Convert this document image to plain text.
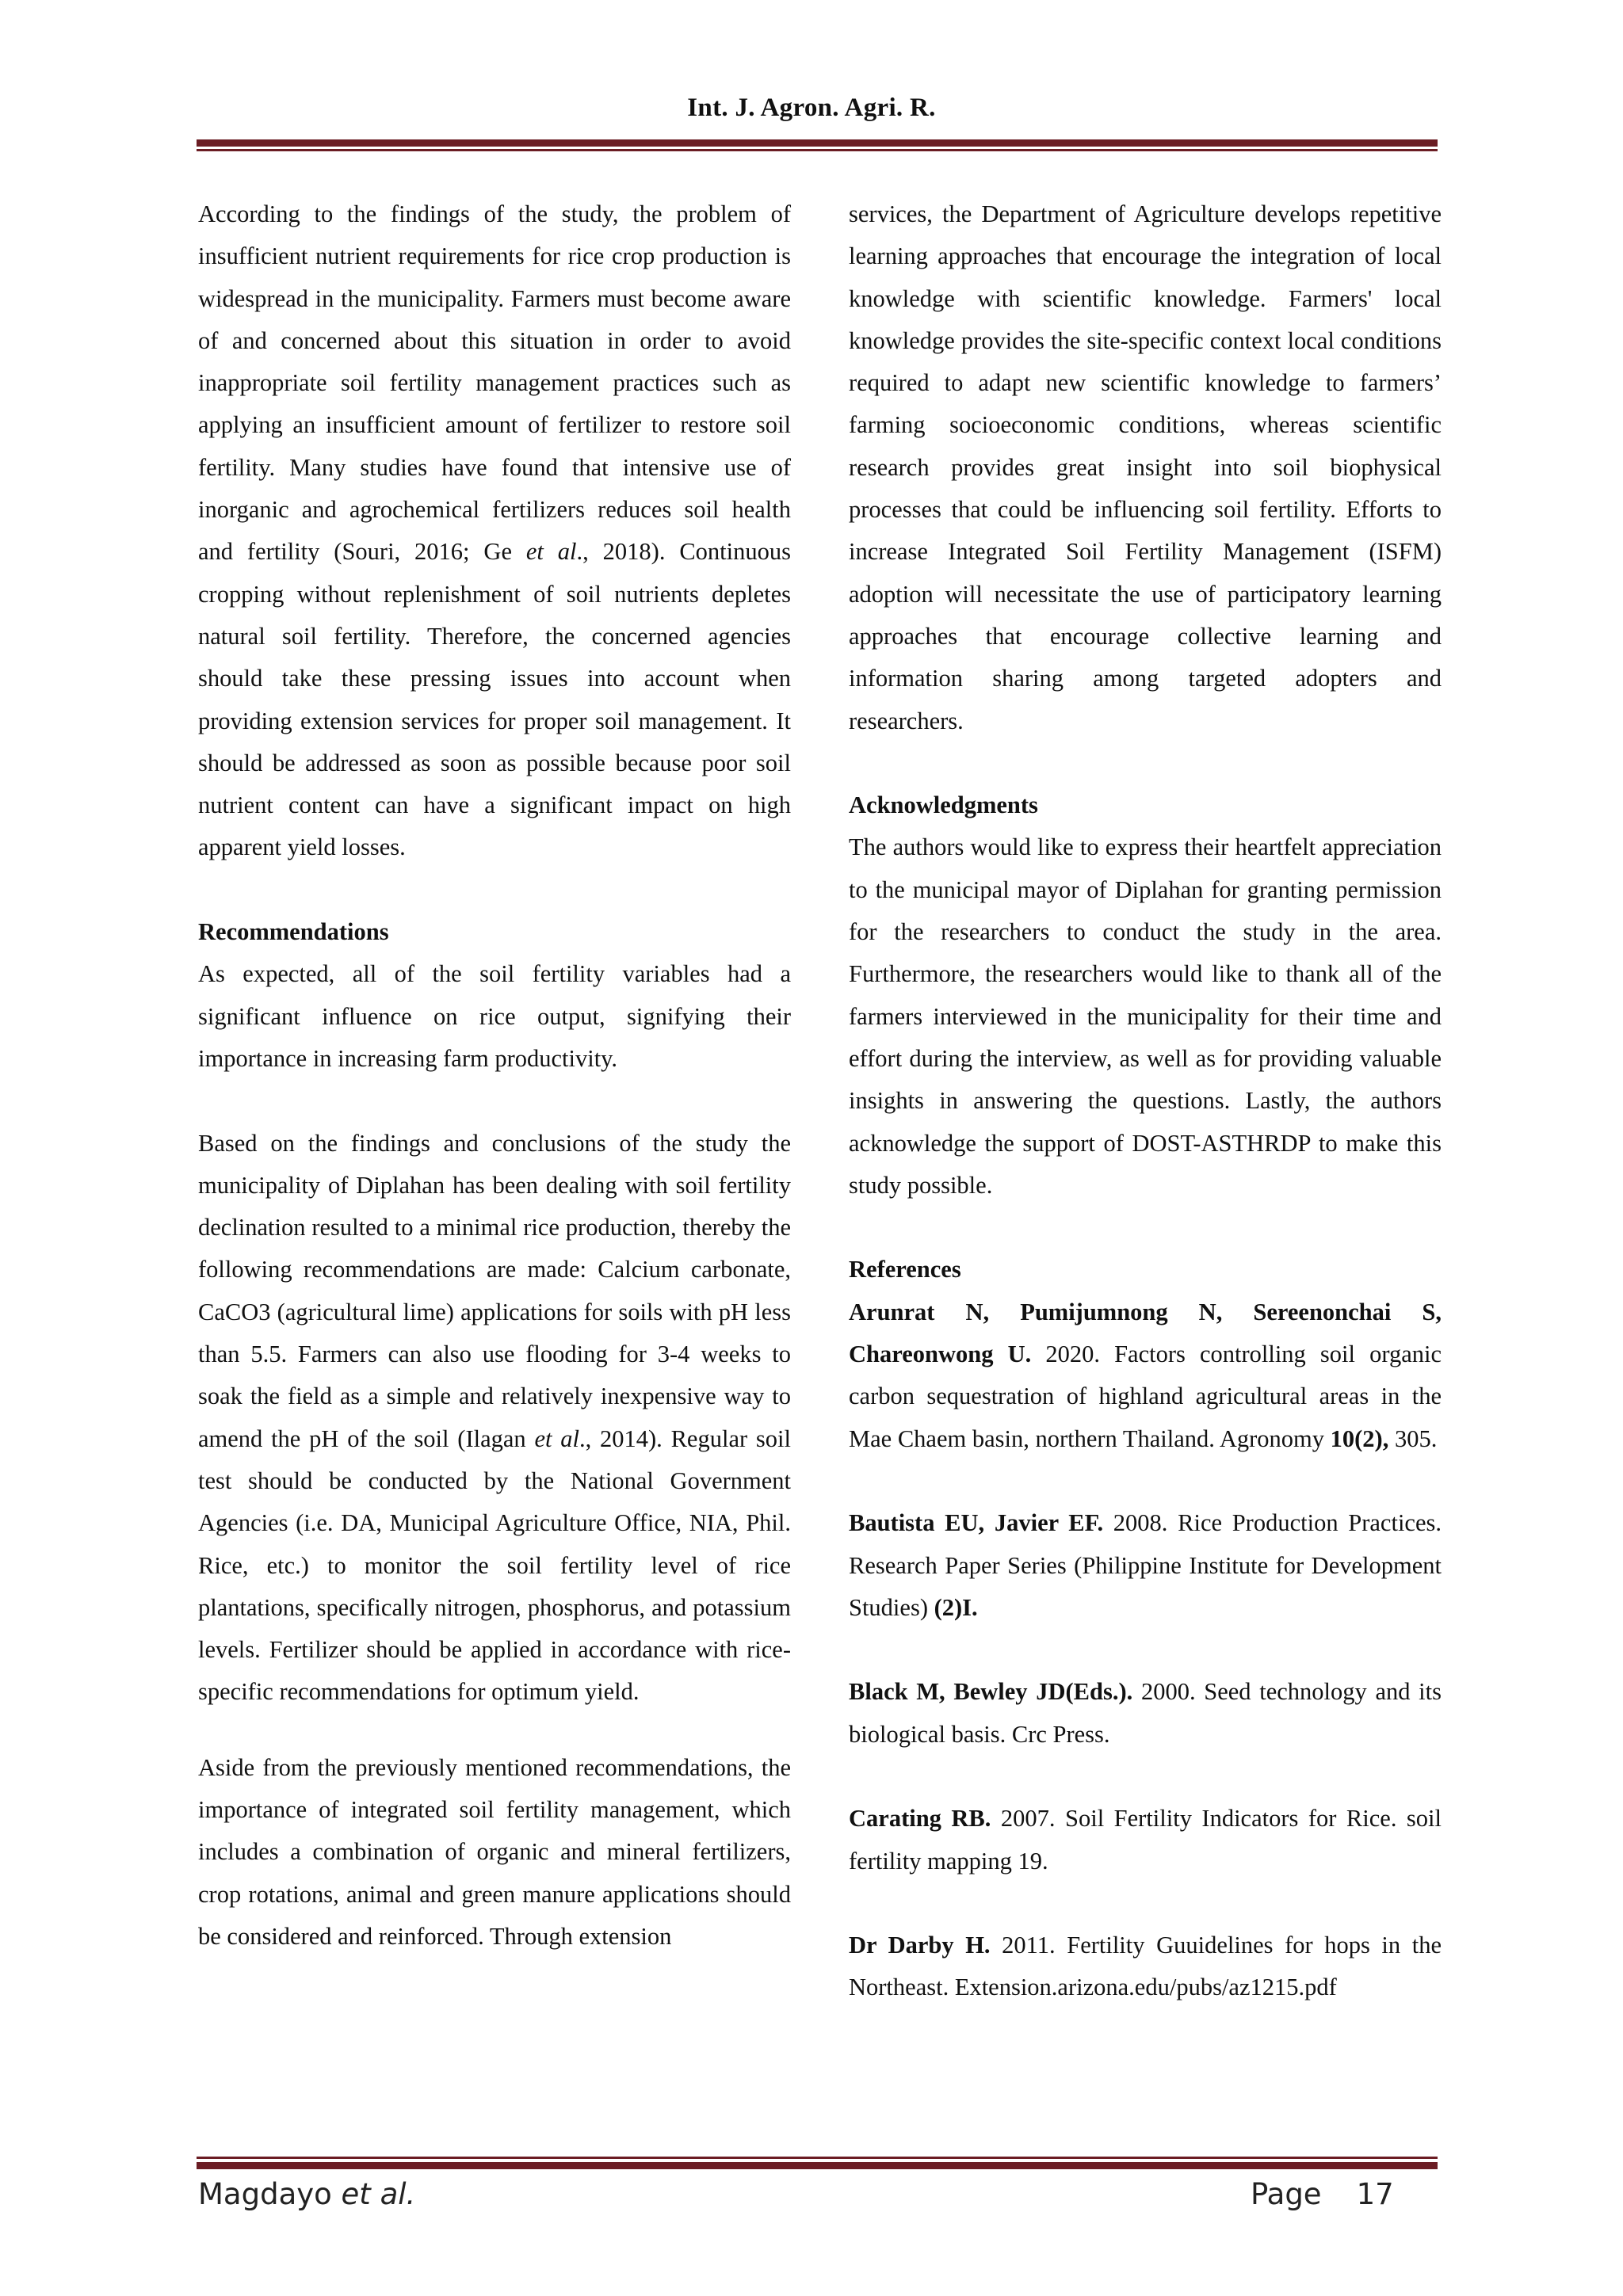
Int. J. Agron. Agri. R.

According to the findings of the study, the problem of insufficient nutrient requirements for rice crop production is widespread in the municipality. Farmers must become aware of and concerned about this situation in order to avoid inappropriate soil fertility management practices such as applying an insufficient amount of fertilizer to restore soil fertility. Many studies have found that intensive use of inorganic and agrochemical fertilizers reduces soil health and fertility (Souri, 2016; Ge et al., 2018). Continuous cropping without replenishment of soil nutrients depletes natural soil fertility. Therefore, the concerned agencies should take these pressing issues into account when providing extension services for proper soil management. It should be addressed as soon as possible because poor soil nutrient content can have a significant impact on high apparent yield losses.

Recommendations

As expected, all of the soil fertility variables had a significant influence on rice output, signifying their importance in increasing farm productivity.

Based on the findings and conclusions of the study the municipality of Diplahan has been dealing with soil fertility declination resulted to a minimal rice production, thereby the following recommendations are made: Calcium carbonate, CaCO3 (agricultural lime) applications for soils with pH less than 5.5. Farmers can also use flooding for 3-4 weeks to soak the field as a simple and relatively inexpensive way to amend the pH of the soil (Ilagan et al., 2014). Regular soil test should be conducted by the National Government Agencies (i.e. DA, Municipal Agriculture Office, NIA, Phil. Rice, etc.) to monitor the soil fertility level of rice plantations, specifically nitrogen, phosphorus, and potassium levels. Fertilizer should be applied in accordance with rice-specific recommendations for optimum yield.

Aside from the previously mentioned recommendations, the importance of integrated soil fertility management, which includes a combination of organic and mineral fertilizers, crop rotations, animal and green manure applications should be considered and reinforced. Through extension

services, the Department of Agriculture develops repetitive learning approaches that encourage the integration of local knowledge with scientific knowledge. Farmers' local knowledge provides the site-specific context local conditions required to adapt new scientific knowledge to farmers’ farming socioeconomic conditions, whereas scientific research provides great insight into soil biophysical processes that could be influencing soil fertility. Efforts to increase Integrated Soil Fertility Management (ISFM) adoption will necessitate the use of participatory learning approaches that encourage collective learning and information sharing among targeted adopters and researchers.

Acknowledgments

The authors would like to express their heartfelt appreciation to the municipal mayor of Diplahan for granting permission for the researchers to conduct the study in the area. Furthermore, the researchers would like to thank all of the farmers interviewed in the municipality for their time and effort during the interview, as well as for providing valuable insights in answering the questions. Lastly, the authors acknowledge the support of DOST-ASTHRDP to make this study possible.

References

Arunrat N, Pumijumnong N, Sereenonchai S, Chareonwong U. 2020. Factors controlling soil organic carbon sequestration of highland agricultural areas in the Mae Chaem basin, northern Thailand. Agronomy 10(2), 305.

Bautista EU, Javier EF. 2008. Rice Production Practices. Research Paper Series (Philippine Institute for Development Studies) (2)I.

Black M, Bewley JD(Eds.). 2000. Seed technology and its biological basis. Crc Press.

Carating RB. 2007. Soil Fertility Indicators for Rice. soil fertility mapping 19.

Dr Darby H. 2011. Fertility Guuidelines for hops in the Northeast. Extension.arizona.edu/pubs/az1215.pdf

Magdayo et al.	Page 17
